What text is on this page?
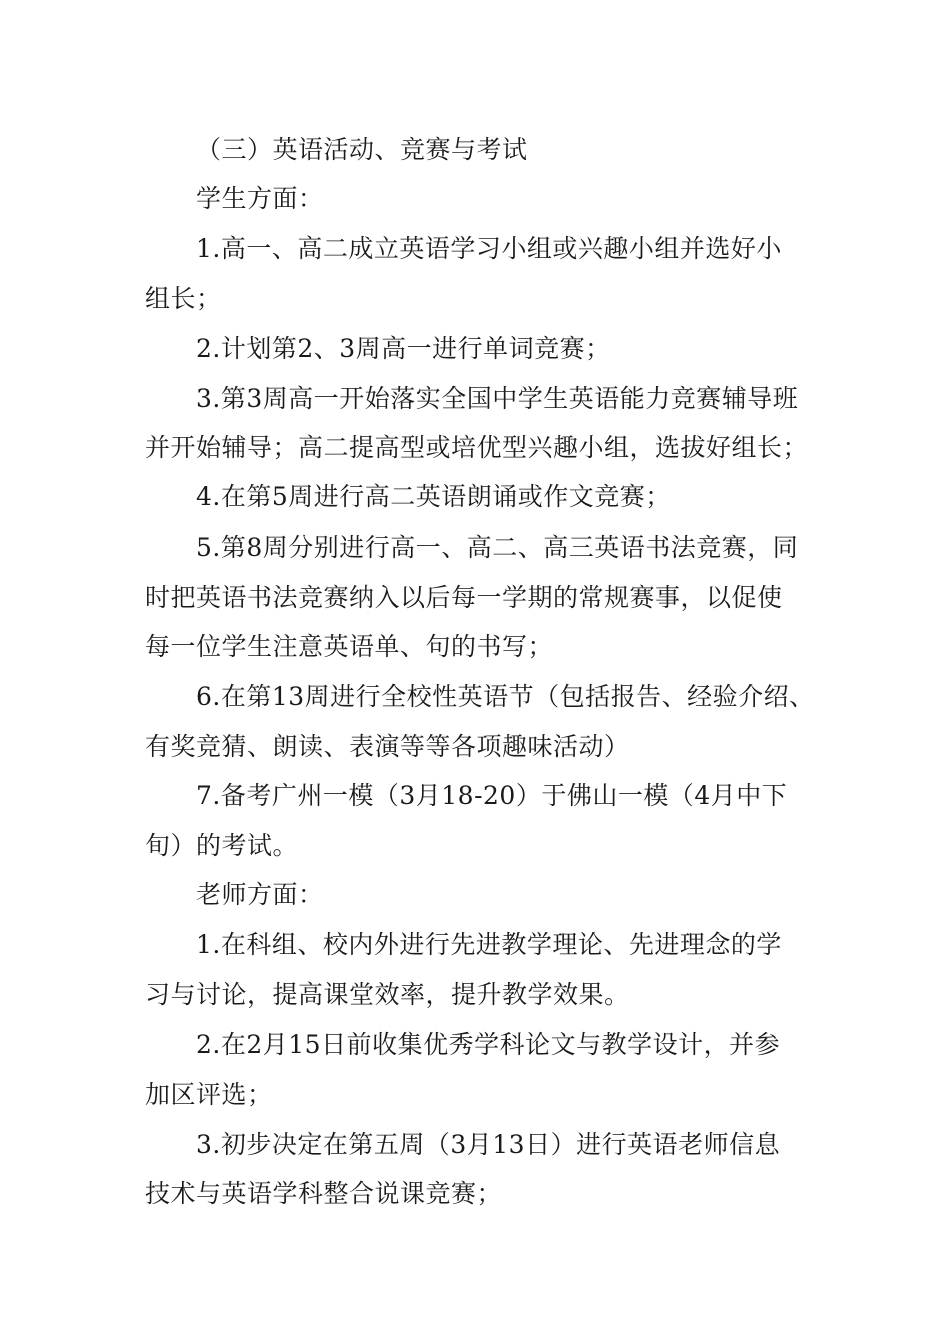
（三）英语活动、竞赛与考试
学生方面：
1.高一、高二成立英语学习小组或兴趣小组并选好小
组长；
2.计划第2、3周高一进行单词竞赛；
3.第3周高一开始落实全国中学生英语能力竞赛辅导班
并开始辅导；高二提高型或培优型兴趣小组，选拔好组长；
4.在第5周进行高二英语朗诵或作文竞赛；
5.第8周分别进行高一、高二、高三英语书法竞赛，同
时把英语书法竞赛纳入以后每一学期的常规赛事，以促使
每一位学生注意英语单、句的书写；
6.在第13周进行全校性英语节（包括报告、经验介绍、
有奖竞猜、朗读、表演等等各项趣味活动）
7.备考广州一模（3月18-20）于佛山一模（4月中下
旬）的考试。
老师方面：
1.在科组、校内外进行先进教学理论、先进理念的学
习与讨论，提高课堂效率，提升教学效果。
2.在2月15日前收集优秀学科论文与教学设计，并参
加区评选；
3.初步决定在第五周（3月13日）进行英语老师信息
技术与英语学科整合说课竞赛；
